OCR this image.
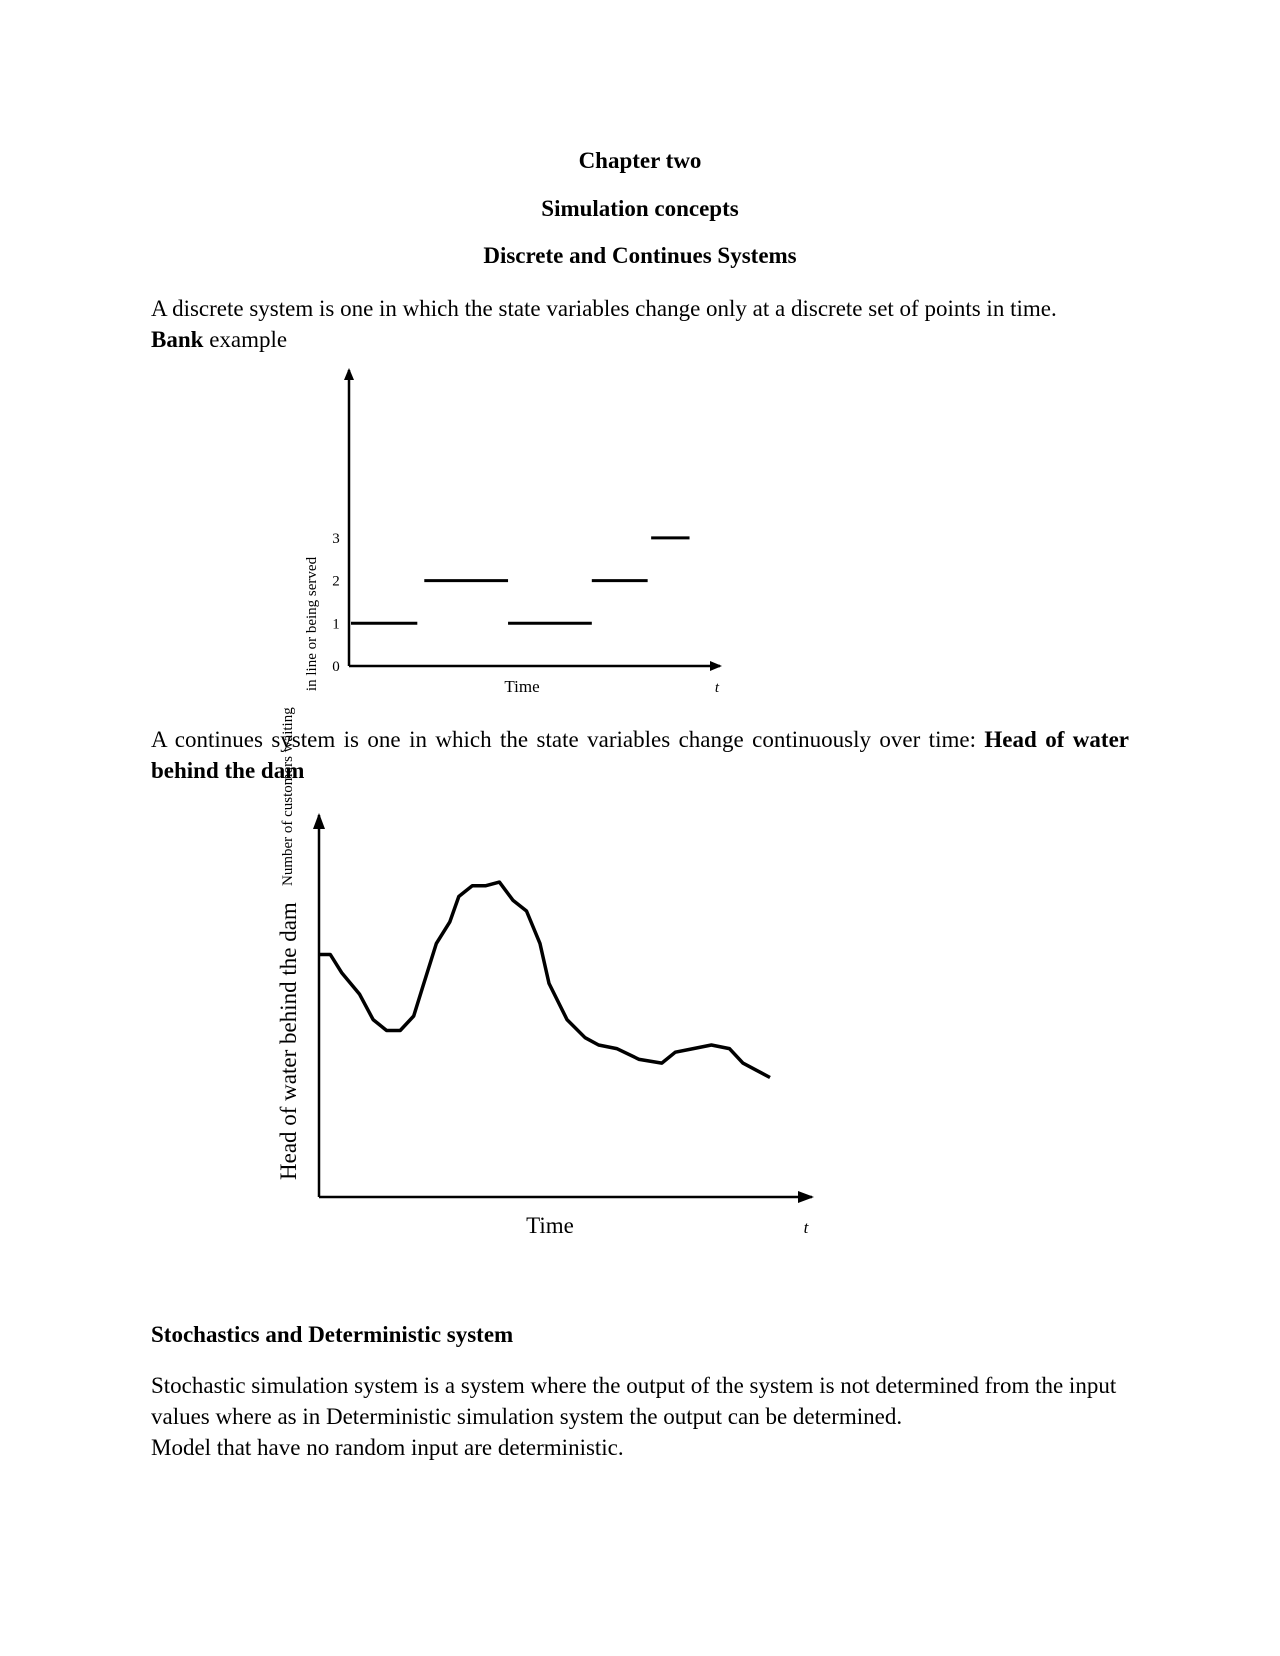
Chapter two
Simulation concepts
Discrete and Continues Systems

A discrete system is one in which the state variables change only at a discrete set of points in time.
Bank example

0
1
2
3
Number of customers waiting
in line or being served	Time	t

A continues system is one in which the state variables change continuously over time: Head of water behind the dam

Head of water behind the dam
Time	t
Stochastics and Deterministic system

Stochastic simulation system is a system where the output of the system is not determined from the input values where as in Deterministic simulation system the output can be determined.
Model that have no random input are deterministic.
